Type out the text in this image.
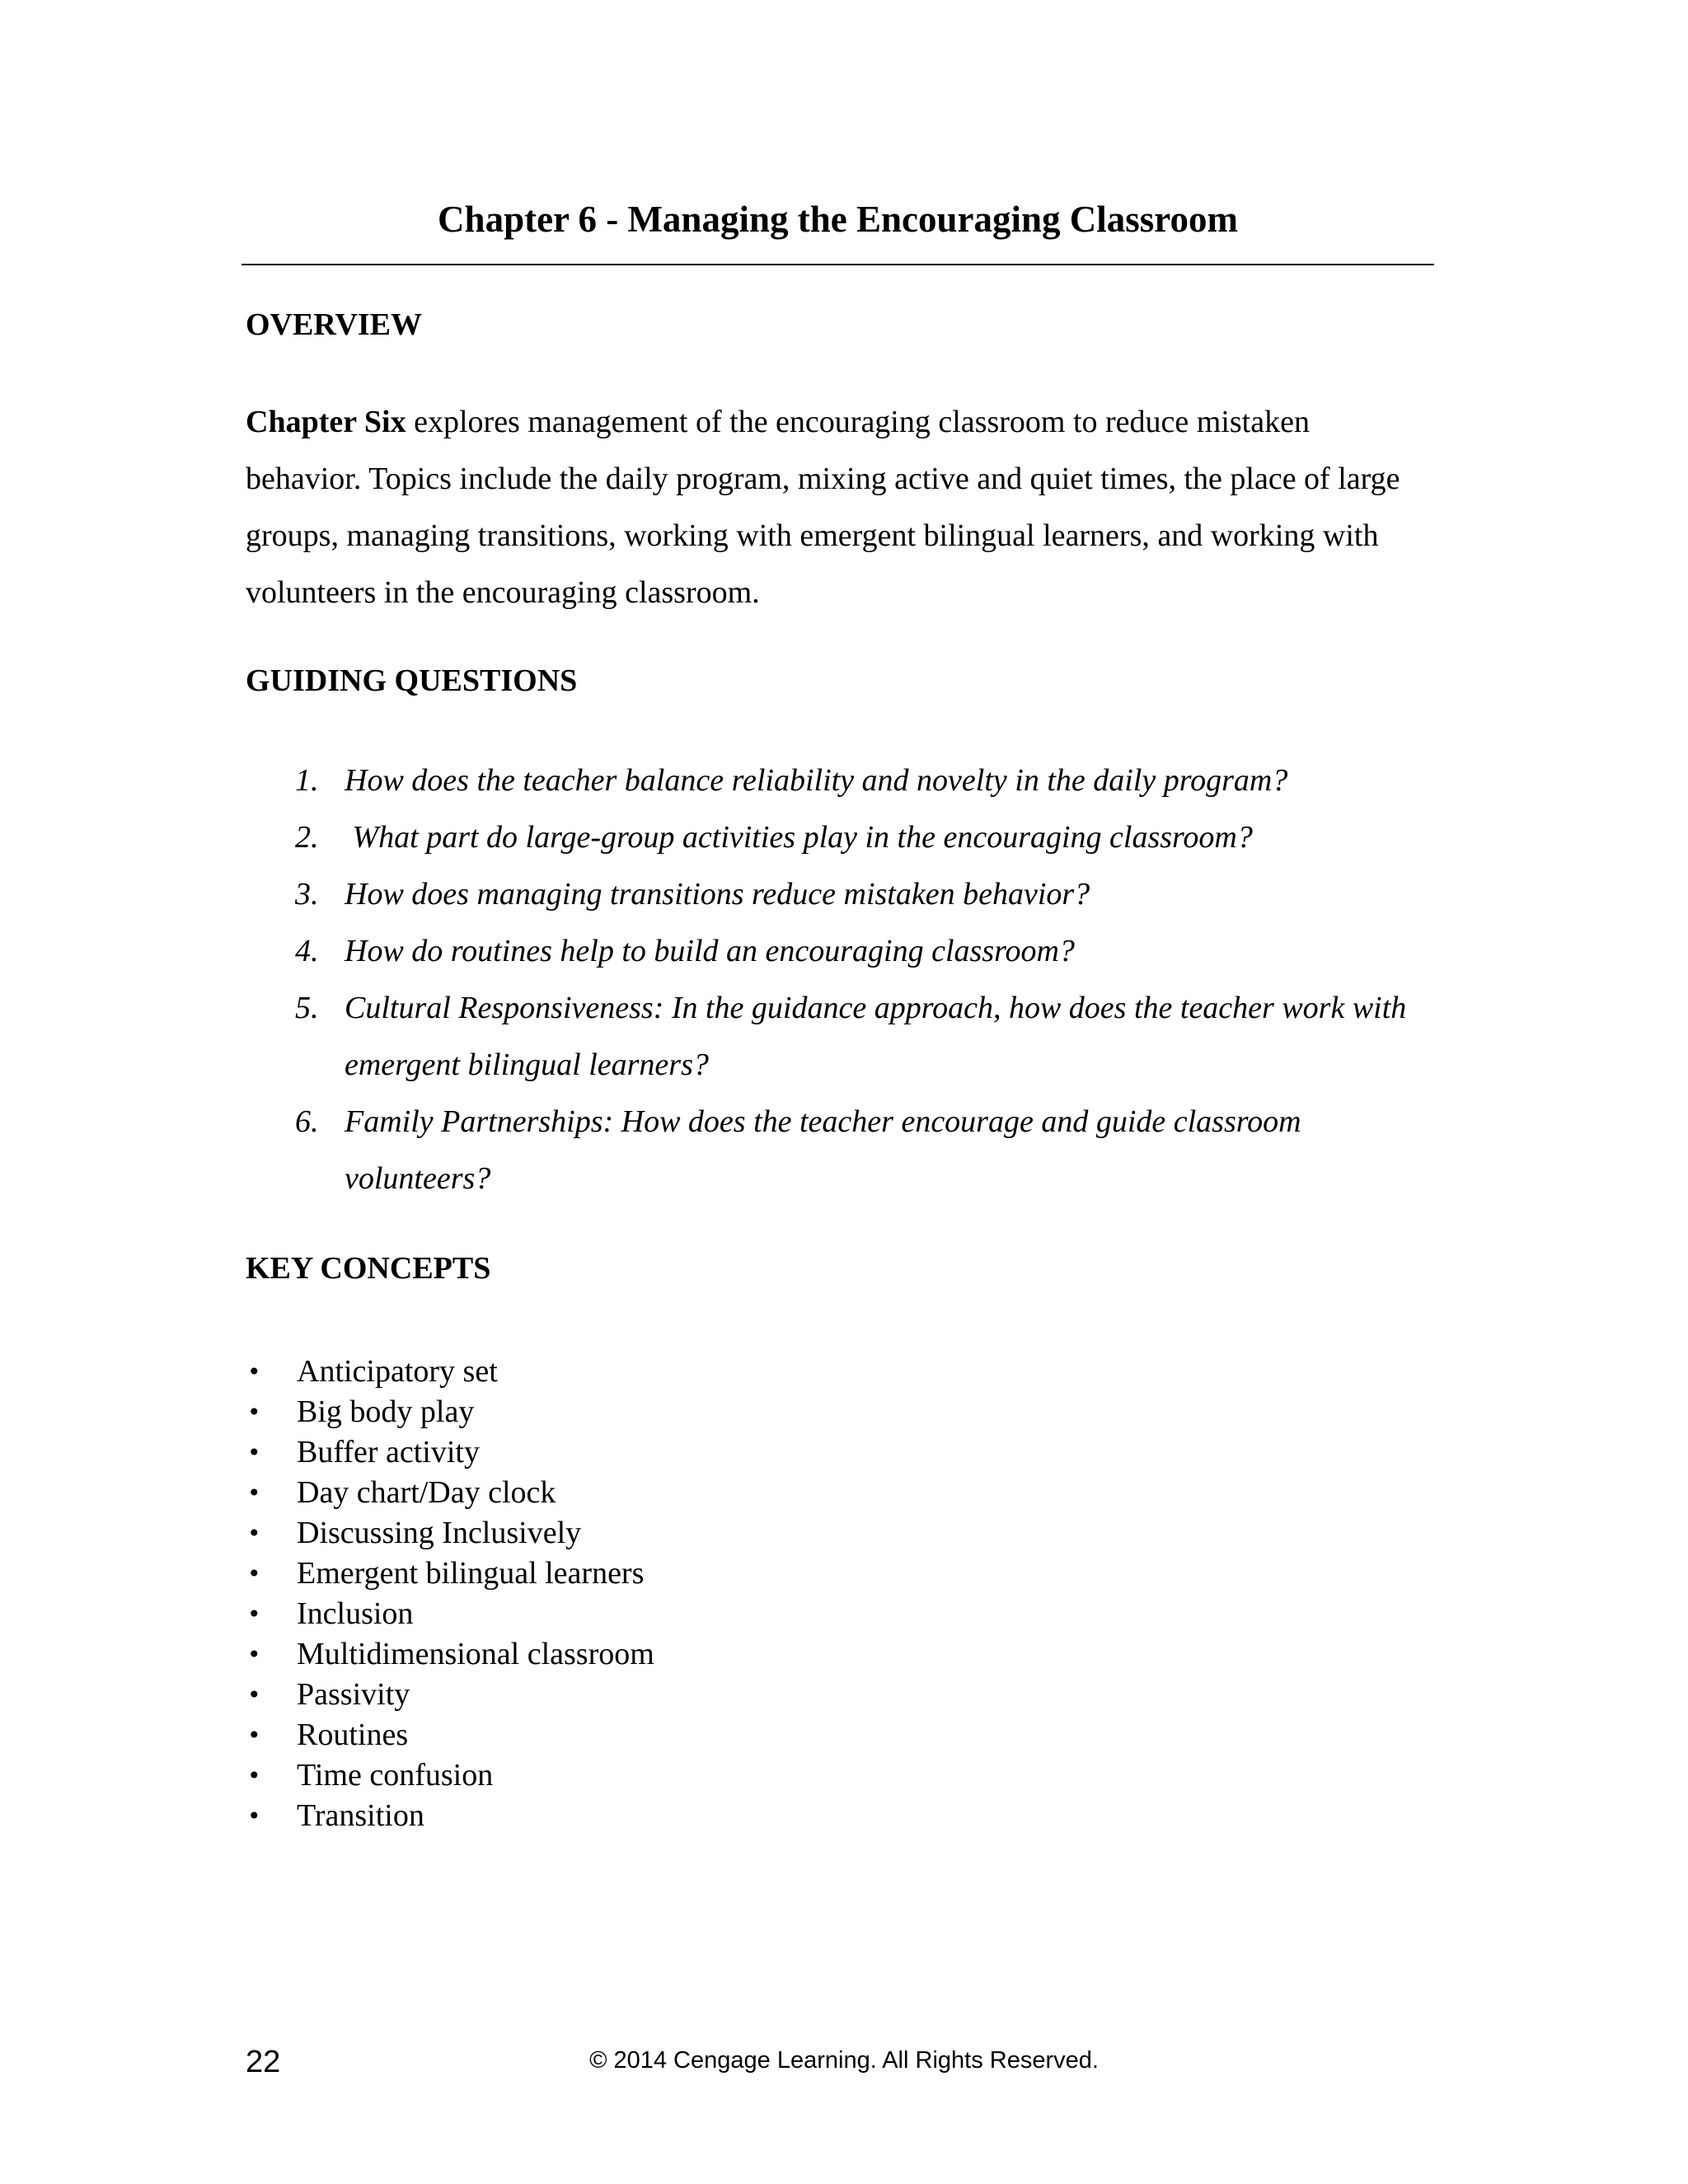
Chapter 6 - Managing the Encouraging Classroom
OVERVIEW

Chapter Six explores management of the encouraging classroom to reduce mistaken behavior. Topics include the daily program, mixing active and quiet times, the place of large groups, managing transitions, working with emergent bilingual learners, and working with volunteers in the encouraging classroom.

GUIDING QUESTIONS
1. How does the teacher balance reliability and novelty in the daily program?
2. What part do large-group activities play in the encouraging classroom?
3. How does managing transitions reduce mistaken behavior?
4. How do routines help to build an encouraging classroom?
5. Cultural Responsiveness: In the guidance approach, how does the teacher work with emergent bilingual learners?
6. Family Partnerships: How does the teacher encourage and guide classroom volunteers?
KEY CONCEPTS
• Anticipatory set
• Big body play
• Buffer activity
• Day chart/Day clock
• Discussing Inclusively
• Emergent bilingual learners
• Inclusion
• Multidimensional classroom
• Passivity
• Routines
• Time confusion
• Transition
22	© 2014 Cengage Learning. All Rights Reserved.
